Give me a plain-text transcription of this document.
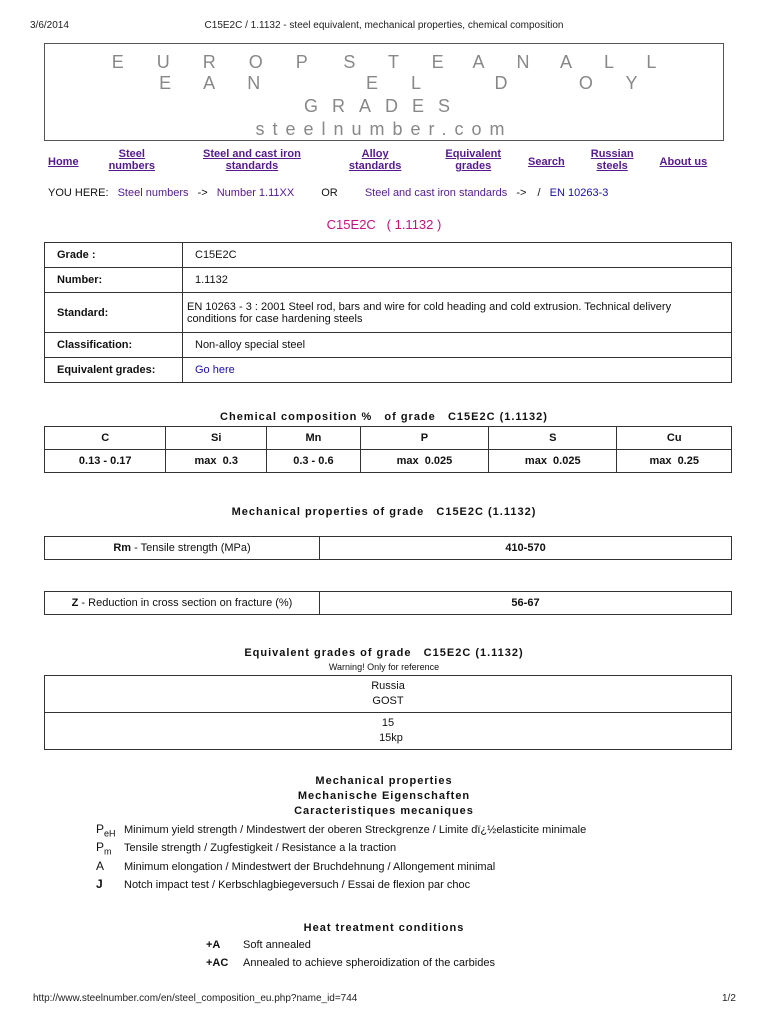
3/6/2014	C15E2C / 1.1132 - steel equivalent, mechanical properties, chemical composition
E U R O P E A N
S T E E L
A N D
A L L O Y
GRADES
steelnumber.com
Home
Steel
numbers
Steel and cast iron
standards
Alloy
standards
Equivalent
grades	Search
Russian
steels	About us
YOU HERE: Steel numbers -> Number 1.11XX OR Steel and cast iron standards -> / EN 10263-3
C15E2C   ( 1.1132 )
Grade :	C15E2C
Number:	1.1132
Standard:	EN 10263 - 3 : 2001 Steel rod, bars and wire for cold heading and cold extrusion. Technical delivery conditions for case hardening steels
Classification:	Non-alloy special steel
Equivalent grades:	Go here
Chemical composition %   of grade   C15E2C (1.1132)
C	Si	Mn	P	S	Cu
0.13 - 0.17	max  0.3	0.3 - 0.6	max  0.025	max  0.025	max  0.25
Mechanical properties of grade   C15E2C (1.1132)
Rm - Tensile strength (MPa)	410-570
Z - Reduction in cross section on fracture (%)	56-67
Equivalent grades of grade   C15E2C (1.1132)
Warning! Only for reference
Russia
GOST

15
15kp
Mechanical properties
Mechanische Eigenschaften
Caracteristiques mecaniques
$P_{eH}$ Minimum yield strength / Mindestwert der oberen Streckgrenze / Limite dï¿½elasticite minimale
$P_m$ Tensile strength / Zugfestigkeit / Resistance a la traction
A Minimum elongation / Mindestwert der Bruchdehnung / Allongement minimal
J Notch impact test / Kerbschlagbiegeversuch / Essai de flexion par choc
Heat treatment conditions
+A Soft annealed
+AC Annealed to achieve spheroidization of the carbides
http://www.steelnumber.com/en/steel_composition_eu.php?name_id=744	1/2
